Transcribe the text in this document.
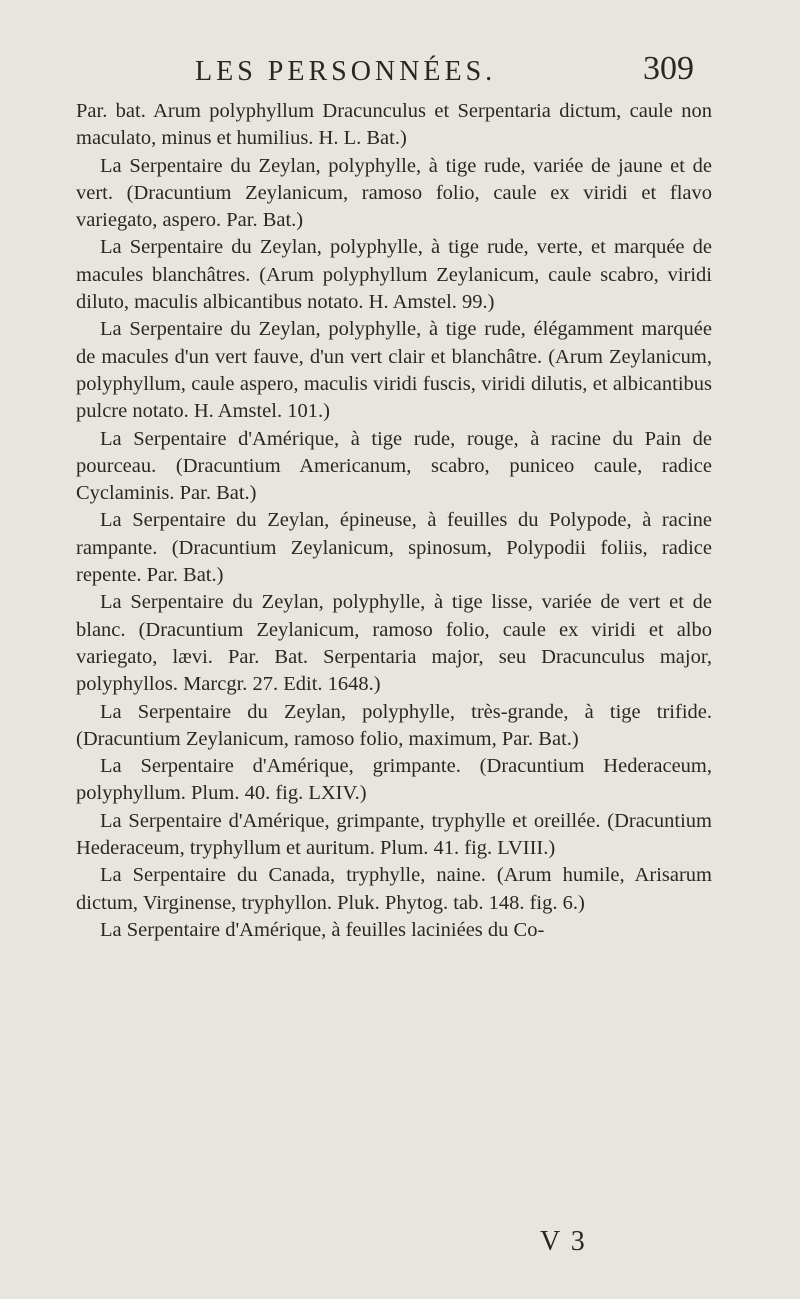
LES PERSONNÉES.	309

Par. bat. Arum polyphyllum Dracunculus et Serpentaria dictum, caule non maculato, minus et humilius. H. L. Bat.)

La Serpentaire du Zeylan, polyphylle, à tige rude, variée de jaune et de vert. (Dracuntium Zeylanicum, ramoso folio, caule ex viridi et flavo variegato, aspero. Par. Bat.)

La Serpentaire du Zeylan, polyphylle, à tige rude, verte, et marquée de macules blanchâtres. (Arum polyphyllum Zeylanicum, caule scabro, viridi diluto, maculis albicantibus notato. H. Amstel. 99.)

La Serpentaire du Zeylan, polyphylle, à tige rude, élégamment marquée de macules d'un vert fauve, d'un vert clair et blanchâtre. (Arum Zeylanicum, polyphyllum, caule aspero, maculis viridi fuscis, viridi dilutis, et albicantibus pulcre notato. H. Amstel. 101.)

La Serpentaire d'Amérique, à tige rude, rouge, à racine du Pain de pourceau. (Dracuntium Americanum, scabro, puniceo caule, radice Cyclaminis. Par. Bat.)

La Serpentaire du Zeylan, épineuse, à feuilles du Polypode, à racine rampante. (Dracuntium Zeylanicum, spinosum, Polypodii foliis, radice repente. Par. Bat.)

La Serpentaire du Zeylan, polyphylle, à tige lisse, variée de vert et de blanc. (Dracuntium Zeylanicum, ramoso folio, caule ex viridi et albo variegato, lævi. Par. Bat. Serpentaria major, seu Dracunculus major, polyphyllos. Marcgr. 27. Edit. 1648.)

La Serpentaire du Zeylan, polyphylle, très-grande, à tige trifide. (Dracuntium Zeylanicum, ramoso folio, maximum, Par. Bat.)

La Serpentaire d'Amérique, grimpante. (Dracuntium Hederaceum, polyphyllum. Plum. 40. fig. LXIV.)

La Serpentaire d'Amérique, grimpante, tryphylle et oreillée. (Dracuntium Hederaceum, tryphyllum et auritum. Plum. 41. fig. LVIII.)

La Serpentaire du Canada, tryphylle, naine. (Arum humile, Arisarum dictum, Virginense, tryphyllon. Pluk. Phytog. tab. 148. fig. 6.)

La Serpentaire d'Amérique, à feuilles laciniées du Co-

V 3
